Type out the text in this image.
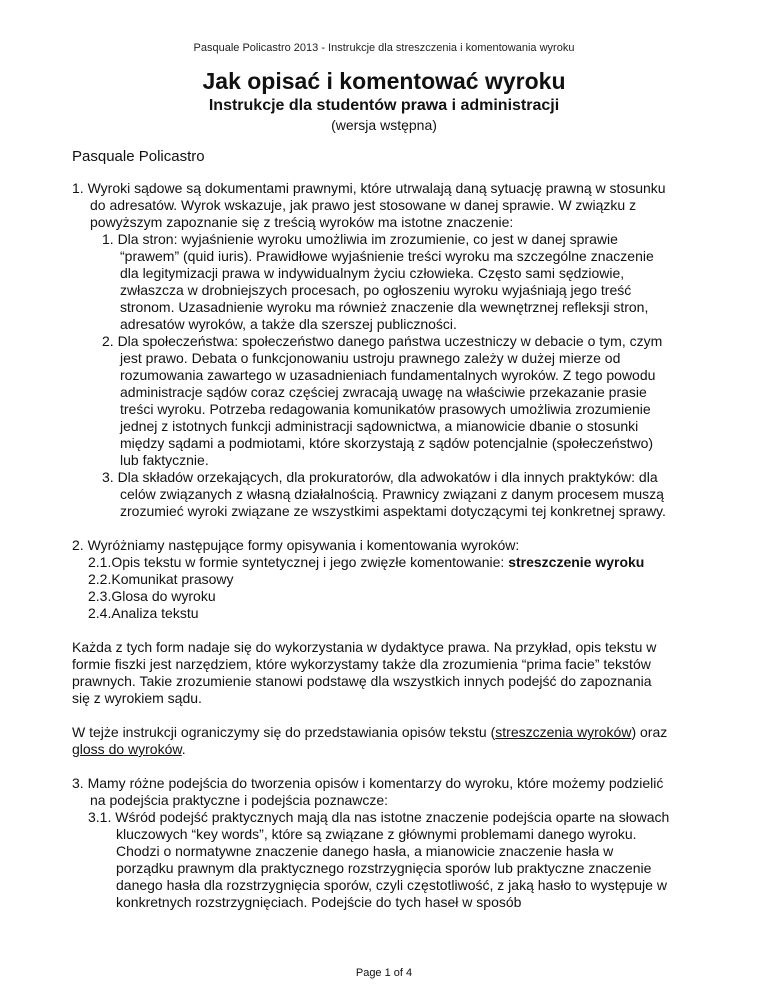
Pasquale Policastro 2013 - Instrukcje dla streszczenia i komentowania wyroku
Jak opisać i komentować wyroku
Instrukcje dla studentów prawa i administracji
(wersja wstępna)
Pasquale Policastro

1. Wyroki sądowe są dokumentami prawnymi, które utrwalają daną sytuację prawną w stosunku do adresatów. Wyrok wskazuje, jak prawo jest stosowane w danej sprawie. W związku z powyższym zapoznanie się z treścią wyroków ma istotne znaczenie:

1. Dla stron: wyjaśnienie wyroku umożliwia im zrozumienie, co jest w danej sprawie “prawem” (quid iuris). Prawidłowe wyjaśnienie treści wyroku ma szczególne znaczenie dla legitymizacji prawa w indywidualnym życiu człowieka. Często sami sędziowie, zwłaszcza w drobniejszych procesach, po ogłoszeniu wyroku wyjaśniają jego treść stronom. Uzasadnienie wyroku ma również znaczenie dla wewnętrznej refleksji stron, adresatów wyroków, a także dla szerszej publiczności.

2. Dla społeczeństwa: społeczeństwo danego państwa uczestniczy w debacie o tym, czym jest prawo. Debata o funkcjonowaniu ustroju prawnego zależy w dużej mierze od rozumowania zawartego w uzasadnieniach fundamentalnych wyroków. Z tego powodu administracje sądów coraz częściej zwracają uwagę na właściwie przekazanie prasie treści wyroku. Potrzeba redagowania komunikatów prasowych umożliwia zrozumienie jednej z istotnych funkcji administracji sądownictwa, a mianowicie dbanie o stosunki między sądami a podmiotami, które skorzystają z sądów potencjalnie (społeczeństwo) lub faktycznie.

3. Dla składów orzekających, dla prokuratorów, dla adwokatów i dla innych praktyków: dla celów związanych z własną działalnością. Prawnicy związani z danym procesem muszą zrozumieć wyroki związane ze wszystkimi aspektami dotyczącymi tej konkretnej sprawy.

2. Wyróżniamy następujące formy opisywania i komentowania wyroków:

2.1.Opis tekstu w formie syntetycznej i jego zwięzłe komentowanie: streszczenie wyroku

2.2.Komunikat prasowy

2.3.Glosa do wyroku

2.4.Analiza tekstu

Każda z tych form nadaje się do wykorzystania w dydaktyce prawa. Na przykład, opis tekstu w formie fiszki jest narzędziem, które wykorzystamy także dla zrozumienia “prima facie” tekstów prawnych. Takie zrozumienie stanowi podstawę dla wszystkich innych podejść do zapoznania się z wyrokiem sądu.

W tejże instrukcji ograniczymy się do przedstawiania opisów tekstu (streszczenia wyroków) oraz gloss do wyroków.

3. Mamy różne podejścia do tworzenia opisów i komentarzy do wyroku, które możemy podzielić na podejścia praktyczne i podejścia poznawcze:

3.1. Wśród podejść praktycznych mają dla nas istotne znaczenie podejścia oparte na słowach kluczowych “key words”, które są związane z głównymi problemami danego wyroku. Chodzi o normatywne znaczenie danego hasła, a mianowicie znaczenie hasła w porządku prawnym dla praktycznego rozstrzygnięcia sporów lub praktyczne znaczenie danego hasła dla rozstrzygnięcia sporów, czyli częstotliwość, z jaką hasło to występuje w konkretnych rozstrzygnięciach. Podejście do tych haseł w sposób

Page 1 of 4
